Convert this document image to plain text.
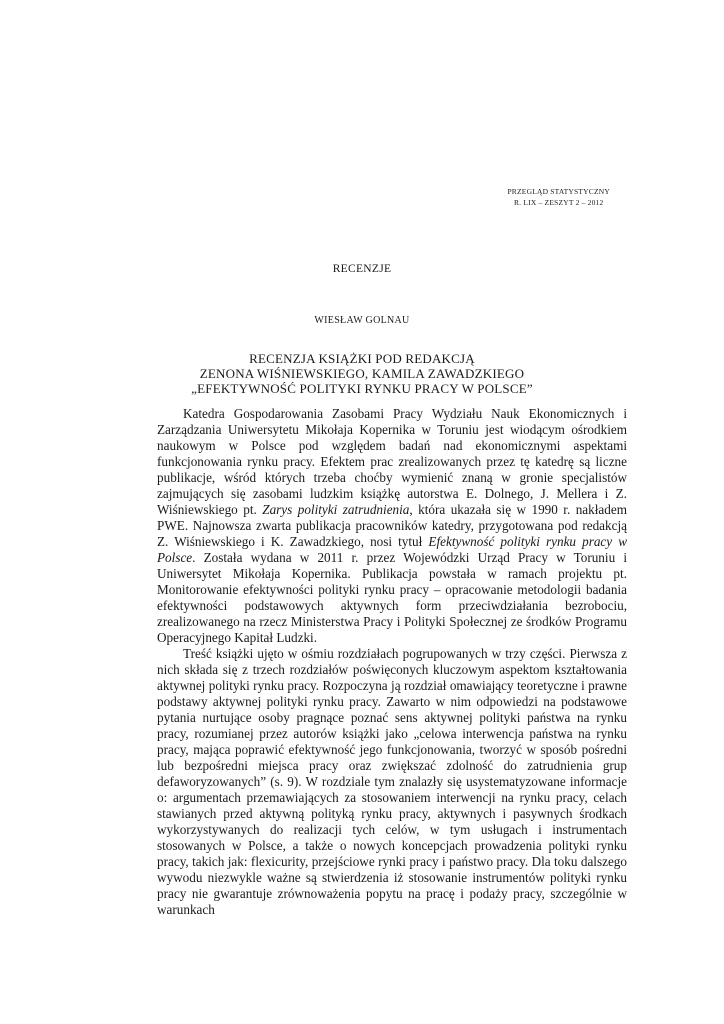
PRZEGLĄD STATYSTYCZNY
R. LIX – ZESZYT 2 – 2012
RECENZJE
WIESŁAW GOLNAU
RECENZJA KSIĄŻKI POD REDAKCJĄ
ZENONA WIŚNIEWSKIEGO, KAMILA ZAWADZKIEGO
„EFEKTYWNOŚĆ POLITYKI RYNKU PRACY W POLSCE”

Katedra Gospodarowania Zasobami Pracy Wydziału Nauk Ekonomicznych i Zarządzania Uniwersytetu Mikołaja Kopernika w Toruniu jest wiodącym ośrodkiem naukowym w Polsce pod względem badań nad ekonomicznymi aspektami funkcjonowania rynku pracy. Efektem prac zrealizowanych przez tę katedrę są liczne publikacje, wśród których trzeba choćby wymienić znaną w gronie specjalistów zajmujących się zasobami ludzkim książkę autorstwa E. Dolnego, J. Mellera i Z. Wiśniewskiego pt. Zarys polityki zatrudnienia, która ukazała się w 1990 r. nakładem PWE. Najnowsza zwarta publikacja pracowników katedry, przygotowana pod redakcją Z. Wiśniewskiego i K. Zawadzkiego, nosi tytuł Efektywność polityki rynku pracy w Polsce. Została wydana w 2011 r. przez Wojewódzki Urząd Pracy w Toruniu i Uniwersytet Mikołaja Kopernika. Publikacja powstała w ramach projektu pt. Monitorowanie efektywności polityki rynku pracy – opracowanie metodologii badania efektywności podstawowych aktywnych form przeciwdziałania bezrobociu, zrealizowanego na rzecz Ministerstwa Pracy i Polityki Społecznej ze środków Programu Operacyjnego Kapitał Ludzki.

Treść książki ujęto w ośmiu rozdziałach pogrupowanych w trzy części. Pierwsza z nich składa się z trzech rozdziałów poświęconych kluczowym aspektom kształtowania aktywnej polityki rynku pracy. Rozpoczyna ją rozdział omawiający teoretyczne i prawne podstawy aktywnej polityki rynku pracy. Zawarto w nim odpowiedzi na podstawowe pytania nurtujące osoby pragnące poznać sens aktywnej polityki państwa na rynku pracy, rozumianej przez autorów książki jako „celowa interwencja państwa na rynku pracy, mająca poprawić efektywność jego funkcjonowania, tworzyć w sposób pośredni lub bezpośredni miejsca pracy oraz zwiększać zdolność do zatrudnienia grup defaworyzowanych” (s. 9). W rozdziale tym znalazły się usystematyzowane informacje o: argumentach przemawiających za stosowaniem interwencji na rynku pracy, celach stawianych przed aktywną polityką rynku pracy, aktywnych i pasywnych środkach wykorzystywanych do realizacji tych celów, w tym usługach i instrumentach stosowanych w Polsce, a także o nowych koncepcjach prowadzenia polityki rynku pracy, takich jak: flexicurity, przejściowe rynki pracy i państwo pracy. Dla toku dalszego wywodu niezwykle ważne są stwierdzenia iż stosowanie instrumentów polityki rynku pracy nie gwarantuje zrównoważenia popytu na pracę i podaży pracy, szczególnie w warunkach
